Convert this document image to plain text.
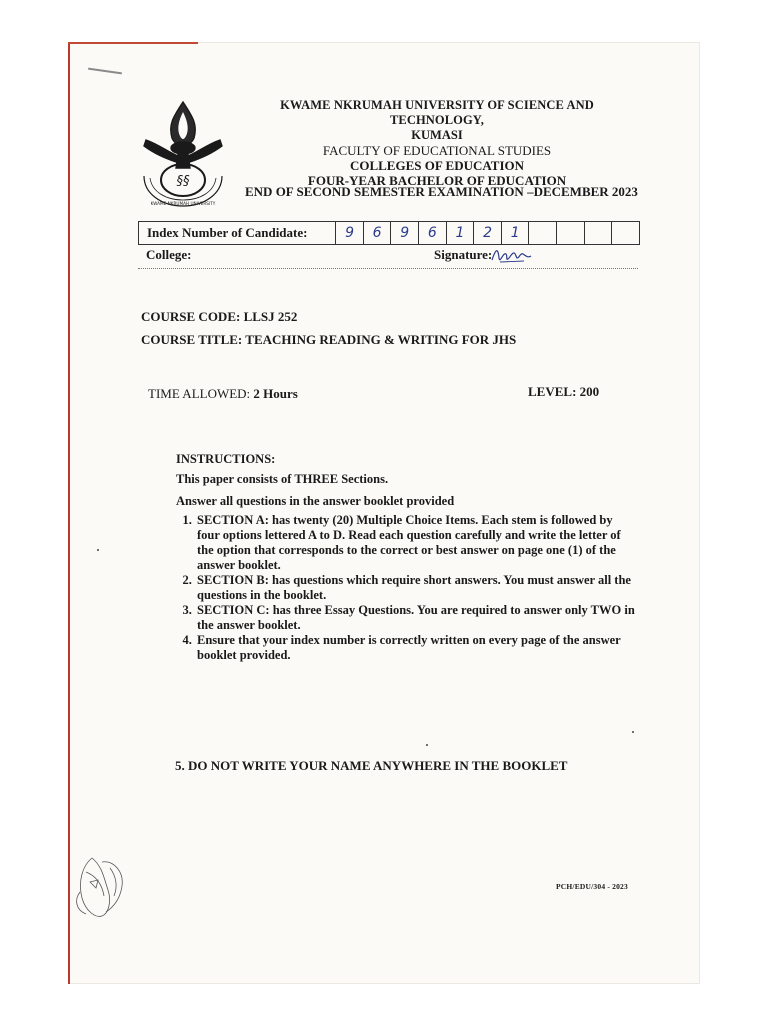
§§
KWAME NKRUMAH UNIVERSITY
KWAME NKRUMAH UNIVERSITY OF SCIENCE AND TECHNOLOGY,
KUMASI
FACULTY OF EDUCATIONAL STUDIES
COLLEGES OF EDUCATION
FOUR-YEAR BACHELOR OF EDUCATION
END OF SECOND SEMESTER EXAMINATION –DECEMBER 2023
Index Number of Candidate:	9	6	9	6	1	2	1
College:	Signature:
COURSE CODE: LLSJ 252
COURSE TITLE: TEACHING READING & WRITING FOR JHS
TIME ALLOWED: 2 Hours	LEVEL: 200
INSTRUCTIONS:
This paper consists of THREE Sections.
Answer all questions in the answer booklet provided
1. SECTION A: has twenty (20) Multiple Choice Items. Each stem is followed by four options lettered A to D. Read each question carefully and write the letter of the option that corresponds to the correct or best answer on page one (1) of the answer booklet.
2. SECTION B: has questions which require short answers. You must answer all the questions in the booklet.
3. SECTION C: has three Essay Questions. You are required to answer only TWO in the answer booklet.
4. Ensure that your index number is correctly written on every page of the answer booklet provided.
5. DO NOT WRITE YOUR NAME ANYWHERE IN THE BOOKLET
PCH/EDU/304 - 2023
